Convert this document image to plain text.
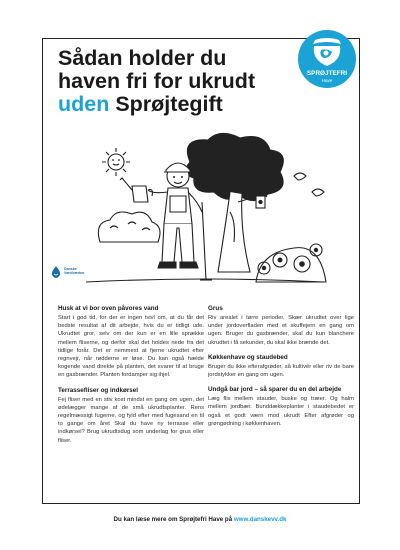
Sådan holder du
haven fri for ukrudt
uden Sprøjtegift
SPRØJTEFRI
Have
Danske
Vandværker
Husk at vi bor oven påvores vand

Start i god tid, for der er ingen tvivl om, at du får det bedste resultat af dit arbejde, hvis du er tidligt ude. Ukrudtet gror, selv om der kun er en lille sprække mellem fliserne, og derfor skal det holdes nede fra det tidlige forår. Det er nemmest at fjerne ukrudtet efter regnvejr, når rødderne er løse. Du kan også hælde kogende vand direkte på planten, det svarer til at bruge en gasbrænder. Planten fordamper sig ihjel.

Terrassefliser og indkørsel

Fej fliser med en stiv kost mindst en gang om ugen, det ødelægger mange af de små ukrudtsplanter. Rens regelmæssigt fugerne, og fyld efter med fugesand en til to gange om året Skal du have ny terrasse eller indkørsel? Brug ukrudtsdug som underlag for grus eller fliser.

Grus

Riv arealet i tørre perioder. Skær ukrudtet over lige under jordoverfladen med et skuffejern en gang om ugen. Bruger du gasbrænder, skal du kun blanchere ukrudtet i få sekunder, du skal ikke brænde det.

Køkkenhave og staudebed

Bruger du ikke efterafgrøder, så kultivér eller riv de bare jordstykker en gang om ugen.

Undgå bar jord – så sparer du en del arbejde

Læg flis mellem stauder, buske og træer. Og halm mellem jordbær. Bunddækkeplanter i staudebedet er også et godt værn mod ukrudt Efter afgrøder og grøngødning i køkkenhaven.

Du kan læse mere om Sprøjtefri Have på www.danskevv.dk
